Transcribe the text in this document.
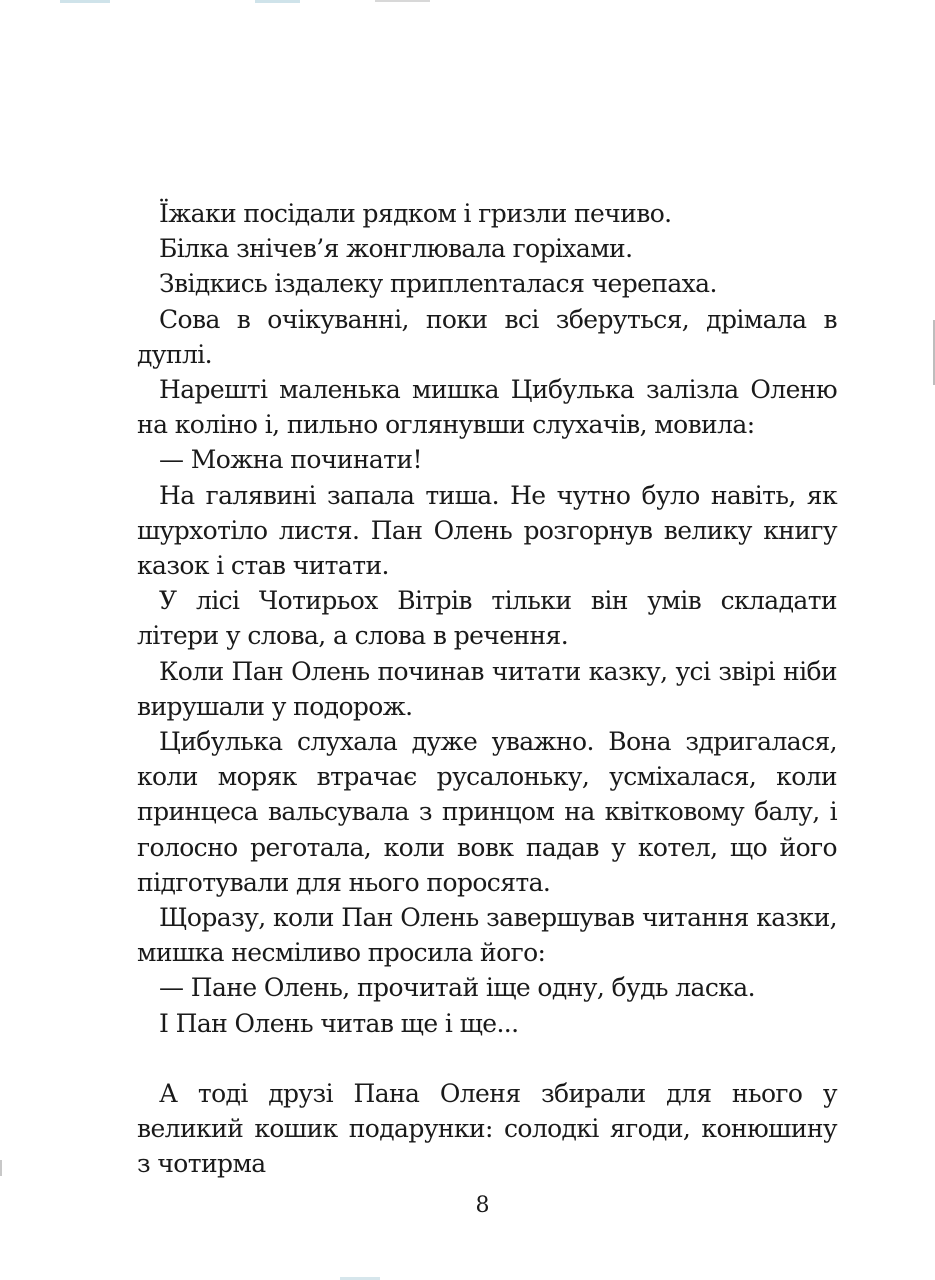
Їжаки посідали рядком і гризли печиво.

Білка знічев’я жонглювала горіхами.

Звідкись іздалеку приплenталася черепаха.

Сова в очікуванні, поки всі зберуться, дрімала в дуплі.

Нарешті маленька мишка Цибулька залізла Оленю на коліно і, пильно оглянувши слухачів, мовила:

— Можна починати!

На галявині запала тиша. Не чутно було навіть, як шурхотіло листя. Пан Олень розгорнув велику книгу казок і став читати.

У лісі Чотирьох Вітрів тільки він умів складати літери у слова, а слова в речення.

Коли Пан Олень починав читати казку, усі звірі ніби вирушали у подорож.

Цибулька слухала дуже уважно. Вона здригалася, коли моряк втрачає русалоньку, усміхалася, коли принцеса вальсувала з принцом на квітковому балу, і голосно реготала, коли вовк падав у котел, що його підготували для нього поросята.

Щоразу, коли Пан Олень завершував читання казки, мишка несміливо просила його:

— Пане Олень, прочитай іще одну, будь ласка.

І Пан Олень читав ще і ще...

А тоді друзі Пана Оленя збирали для нього у великий кошик подарунки: солодкі ягоди, конюшину з чотирма

8
